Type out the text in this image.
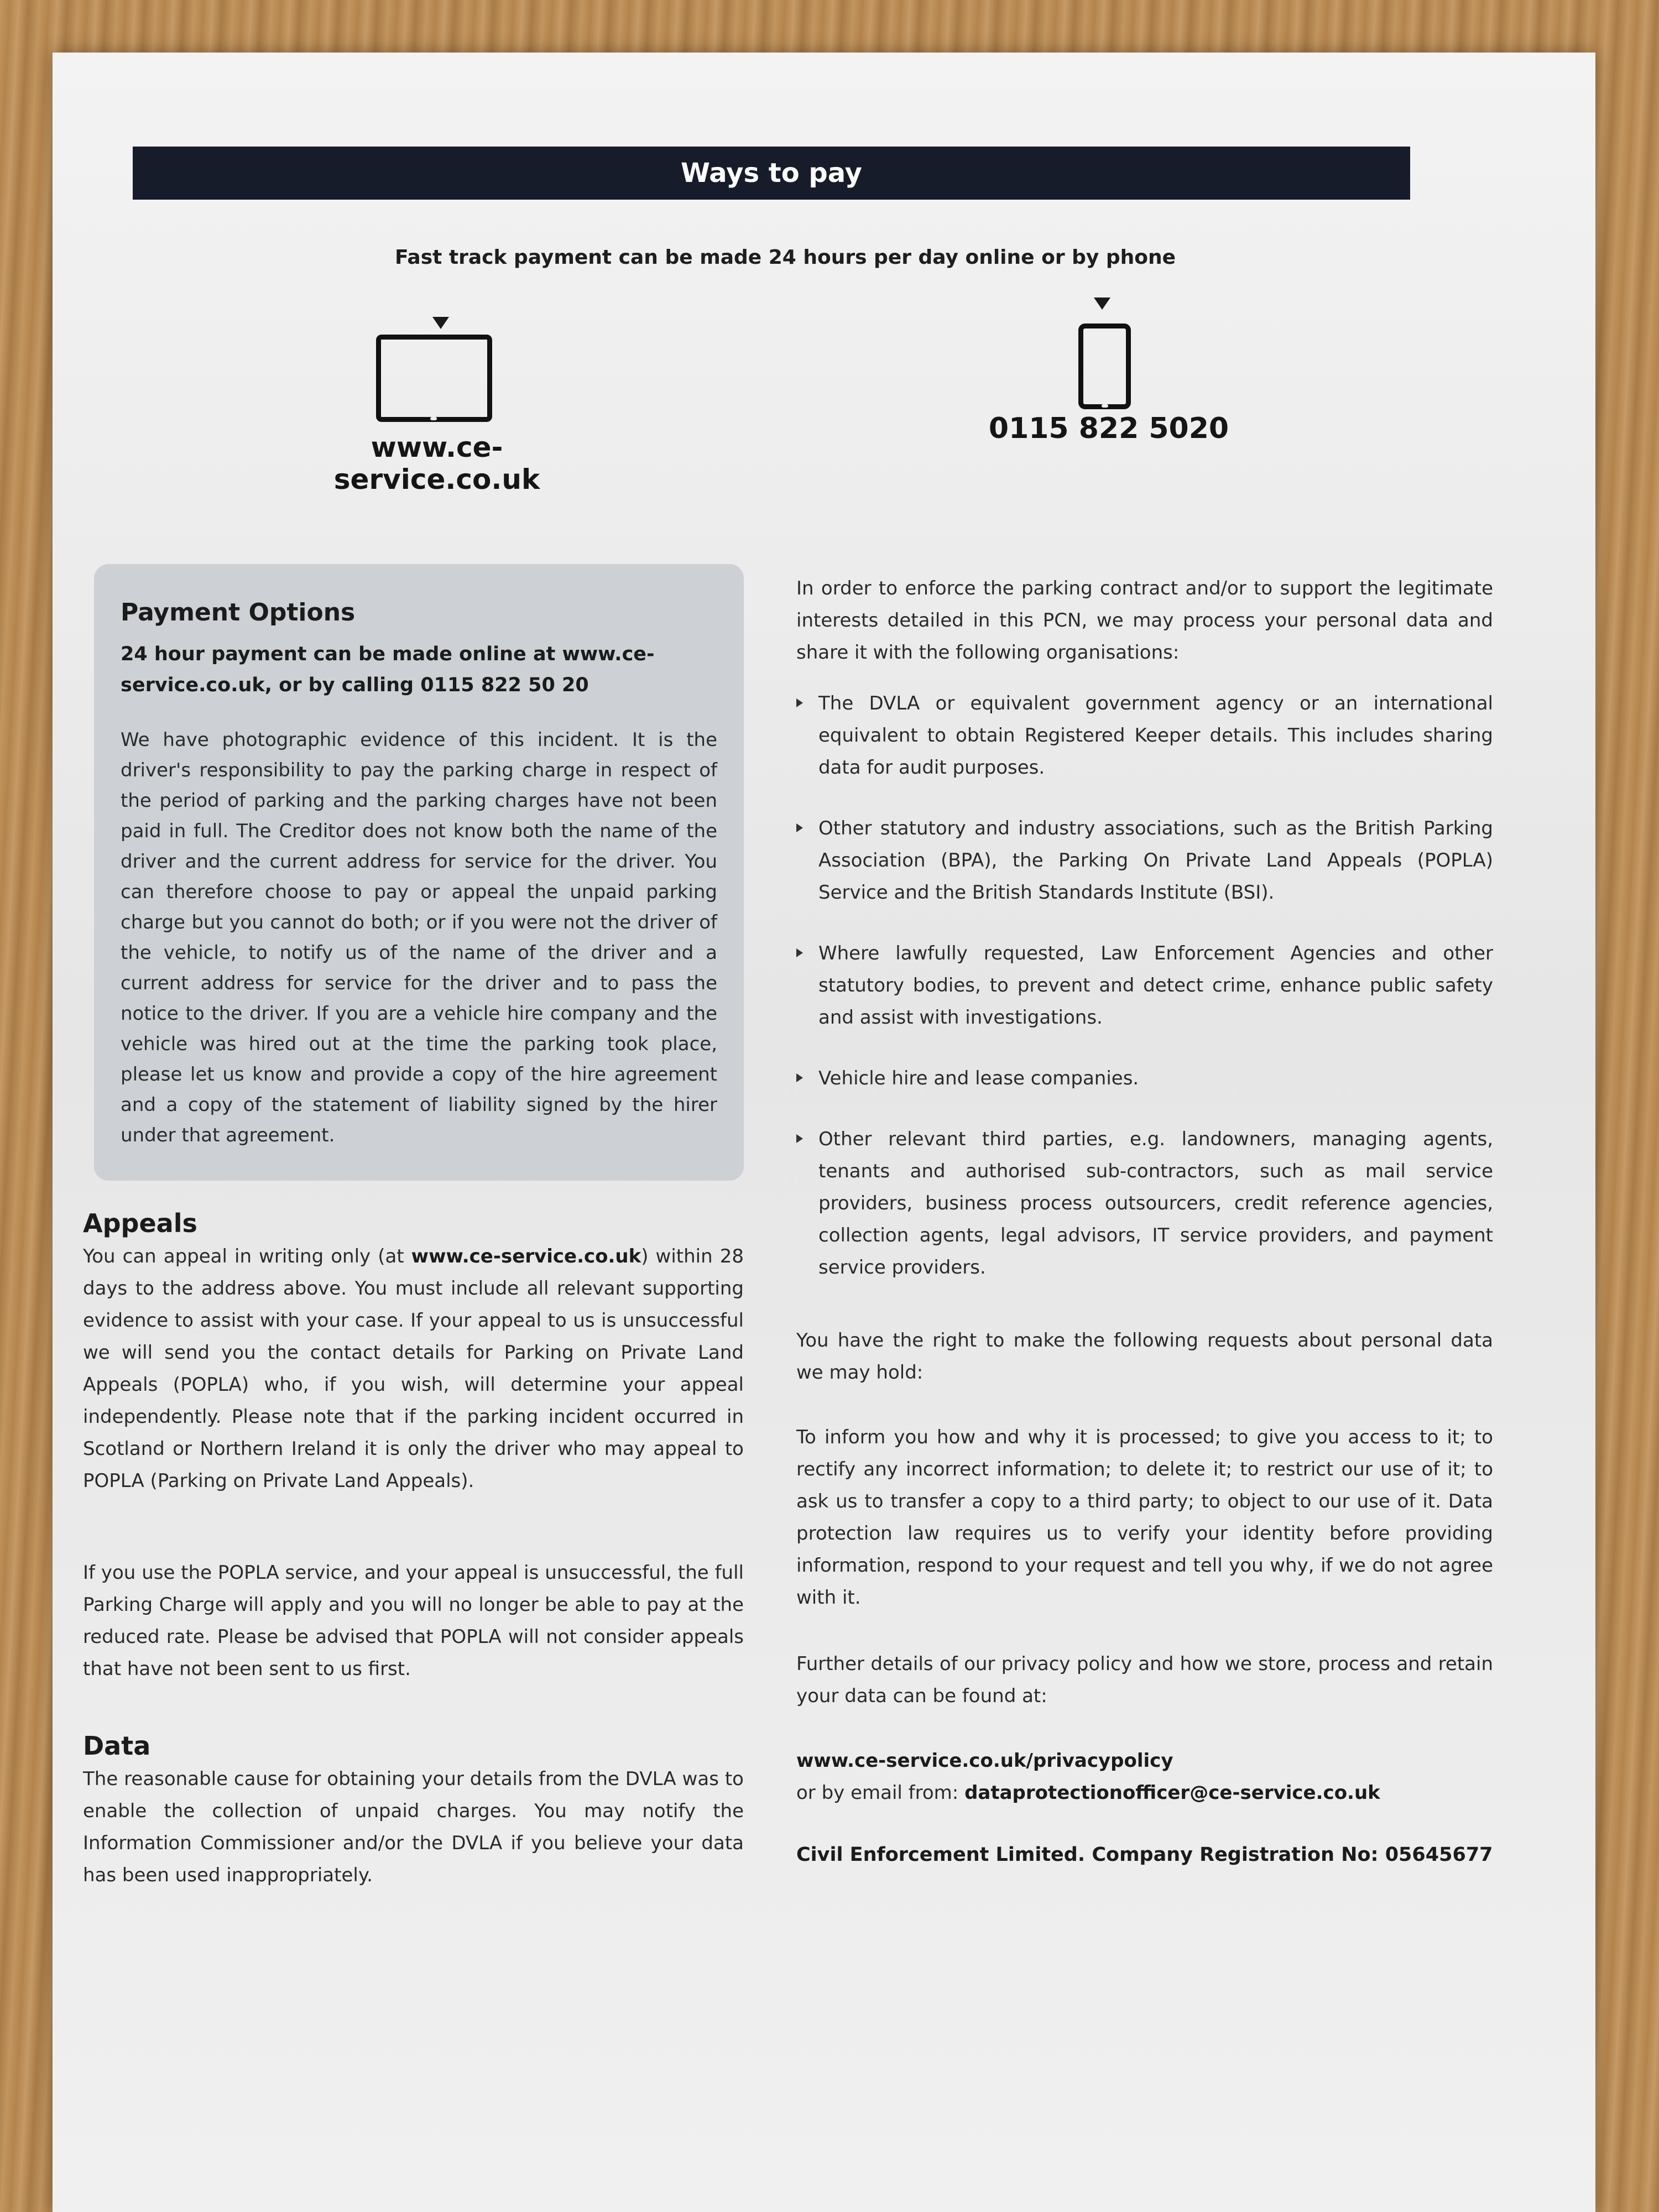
Ways to pay
Fast track payment can be made 24 hours per day online or by phone
www.ce-service.co.uk
0115 822 5020
Payment Options
24 hour payment can be made online at www.ce-service.co.uk, or by calling 0115 822 50 20
We have photographic evidence of this incident. It is the driver's responsibility to pay the parking charge in respect of the period of parking and the parking charges have not been paid in full. The Creditor does not know both the name of the driver and the current address for service for the driver. You can therefore choose to pay or appeal the unpaid parking charge but you cannot do both; or if you were not the driver of the vehicle, to notify us of the name of the driver and a current address for service for the driver and to pass the notice to the driver. If you are a vehicle hire company and the vehicle was hired out at the time the parking took place, please let us know and provide a copy of the hire agreement and a copy of the statement of liability signed by the hirer under that agreement.
Appeals
You can appeal in writing only (at www.ce-service.co.uk) within 28 days to the address above. You must include all relevant supporting evidence to assist with your case. If your appeal to us is unsuccessful we will send you the contact details for Parking on Private Land Appeals (POPLA) who, if you wish, will determine your appeal independently. Please note that if the parking incident occurred in Scotland or Northern Ireland it is only the driver who may appeal to POPLA (Parking on Private Land Appeals).
If you use the POPLA service, and your appeal is unsuccessful, the full Parking Charge will apply and you will no longer be able to pay at the reduced rate. Please be advised that POPLA will not consider appeals that have not been sent to us first.
Data
The reasonable cause for obtaining your details from the DVLA was to enable the collection of unpaid charges. You may notify the Information Commissioner and/or the DVLA if you believe your data has been used inappropriately.
In order to enforce the parking contract and/or to support the legitimate interests detailed in this PCN, we may process your personal data and share it with the following organisations:
The DVLA or equivalent government agency or an international equivalent to obtain Registered Keeper details. This includes sharing data for audit purposes.
Other statutory and industry associations, such as the British Parking Association (BPA), the Parking On Private Land Appeals (POPLA) Service and the British Standards Institute (BSI).
Where lawfully requested, Law Enforcement Agencies and other statutory bodies, to prevent and detect crime, enhance public safety and assist with investigations.
Vehicle hire and lease companies.
Other relevant third parties, e.g. landowners, managing agents, tenants and authorised sub-contractors, such as mail service providers, business process outsourcers, credit reference agencies, collection agents, legal advisors, IT service providers, and payment service providers.
You have the right to make the following requests about personal data we may hold:
To inform you how and why it is processed; to give you access to it; to rectify any incorrect information; to delete it; to restrict our use of it; to ask us to transfer a copy to a third party; to object to our use of it. Data protection law requires us to verify your identity before providing information, respond to your request and tell you why, if we do not agree with it.
Further details of our privacy policy and how we store, process and retain your data can be found at:
www.ce-service.co.uk/privacypolicy
or by email from: dataprotectionofficer@ce-service.co.uk
Civil Enforcement Limited. Company Registration No: 05645677
